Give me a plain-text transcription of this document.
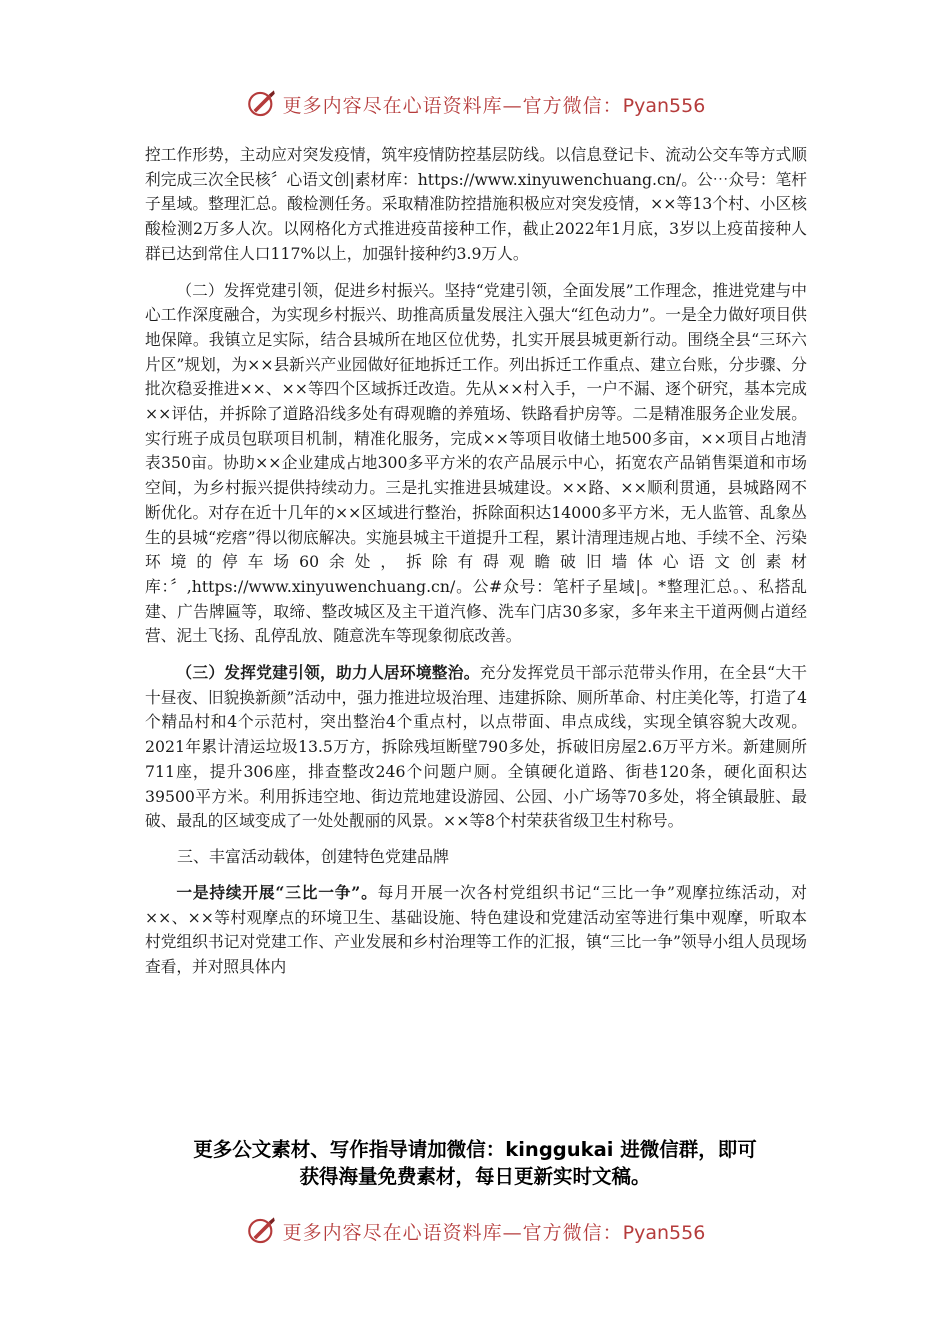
更多内容尽在心语资料库—官方微信：Pyan556

控工作形势，主动应对突发疫情，筑牢疫情防控基层防线。以信息登记卡、流动公交车等方式顺利完成三次全民核〞心语文创|素材库：https://www.xinyuwenchuang.cn/。公⋯众号：笔杆子星域。整理汇总。酸检测任务。采取精准防控措施积极应对突发疫情，××等13个村、小区核酸检测2万多人次。以网格化方式推进疫苗接种工作，截止2022年1月底，3岁以上疫苗接种人群已达到常住人口117%以上，加强针接种约3.9万人。

（二）发挥党建引领，促进乡村振兴。坚持“党建引领，全面发展”工作理念，推进党建与中心工作深度融合，为实现乡村振兴、助推高质量发展注入强大“红色动力”。一是全力做好项目供地保障。我镇立足实际，结合县城所在地区位优势，扎实开展县城更新行动。围绕全县“三环六片区”规划，为××县新兴产业园做好征地拆迁工作。列出拆迁工作重点、建立台账，分步骤、分批次稳妥推进××、××等四个区域拆迁改造。先从××村入手，一户不漏、逐个研究，基本完成××评估，并拆除了道路沿线多处有碍观瞻的养殖场、铁路看护房等。二是精准服务企业发展。实行班子成员包联项目机制，精准化服务，完成××等项目收储土地500多亩，××项目占地清表350亩。协助××企业建成占地300多平方米的农产品展示中心，拓宽农产品销售渠道和市场空间，为乡村振兴提供持续动力。三是扎实推进县城建设。××路、××顺利贯通，县城路网不断优化。对存在近十几年的××区域进行整治，拆除面积达14000多平方米，无人监管、乱象丛生的县城“疙瘩”得以彻底解决。实施县城主干道提升工程，累计清理违规占地、手续不全、污染环境的停车场60余处，拆除有碍观瞻破旧墙体心语文创素材库：〞,https://www.xinyuwenchuang.cn/。公#众号：笔杆子星域|。*整理汇总。、私搭乱建、广告牌匾等，取缔、整改城区及主干道汽修、洗车门店30多家，多年来主干道两侧占道经营、泥土飞扬、乱停乱放、随意洗车等现象彻底改善。

（三）发挥党建引领，助力人居环境整治。充分发挥党员干部示范带头作用，在全县“大干十昼夜、旧貌换新颜”活动中，强力推进垃圾治理、违建拆除、厕所革命、村庄美化等，打造了4个精品村和4个示范村，突出整治4个重点村，以点带面、串点成线，实现全镇容貌大改观。2021年累计清运垃圾13.5万方，拆除残垣断壁790多处，拆破旧房屋2.6万平方米。新建厕所711座，提升306座，排查整改246个问题户厕。全镇硬化道路、街巷120条，硬化面积达39500平方米。利用拆违空地、街边荒地建设游园、公园、小广场等70多处，将全镇最脏、最破、最乱的区域变成了一处处靓丽的风景。××等8个村荣获省级卫生村称号。

三、丰富活动载体，创建特色党建品牌

一是持续开展“三比一争”。每月开展一次各村党组织书记“三比一争”观摩拉练活动，对××、××等村观摩点的环境卫生、基础设施、特色建设和党建活动室等进行集中观摩，听取本村党组织书记对党建工作、产业发展和乡村治理等工作的汇报，镇“三比一争”领导小组人员现场查看，并对照具体内

更多公文素材、写作指导请加微信：kinggukai 进微信群，即可
获得海量免费素材，每日更新实时文稿。
更多内容尽在心语资料库—官方微信：Pyan556
